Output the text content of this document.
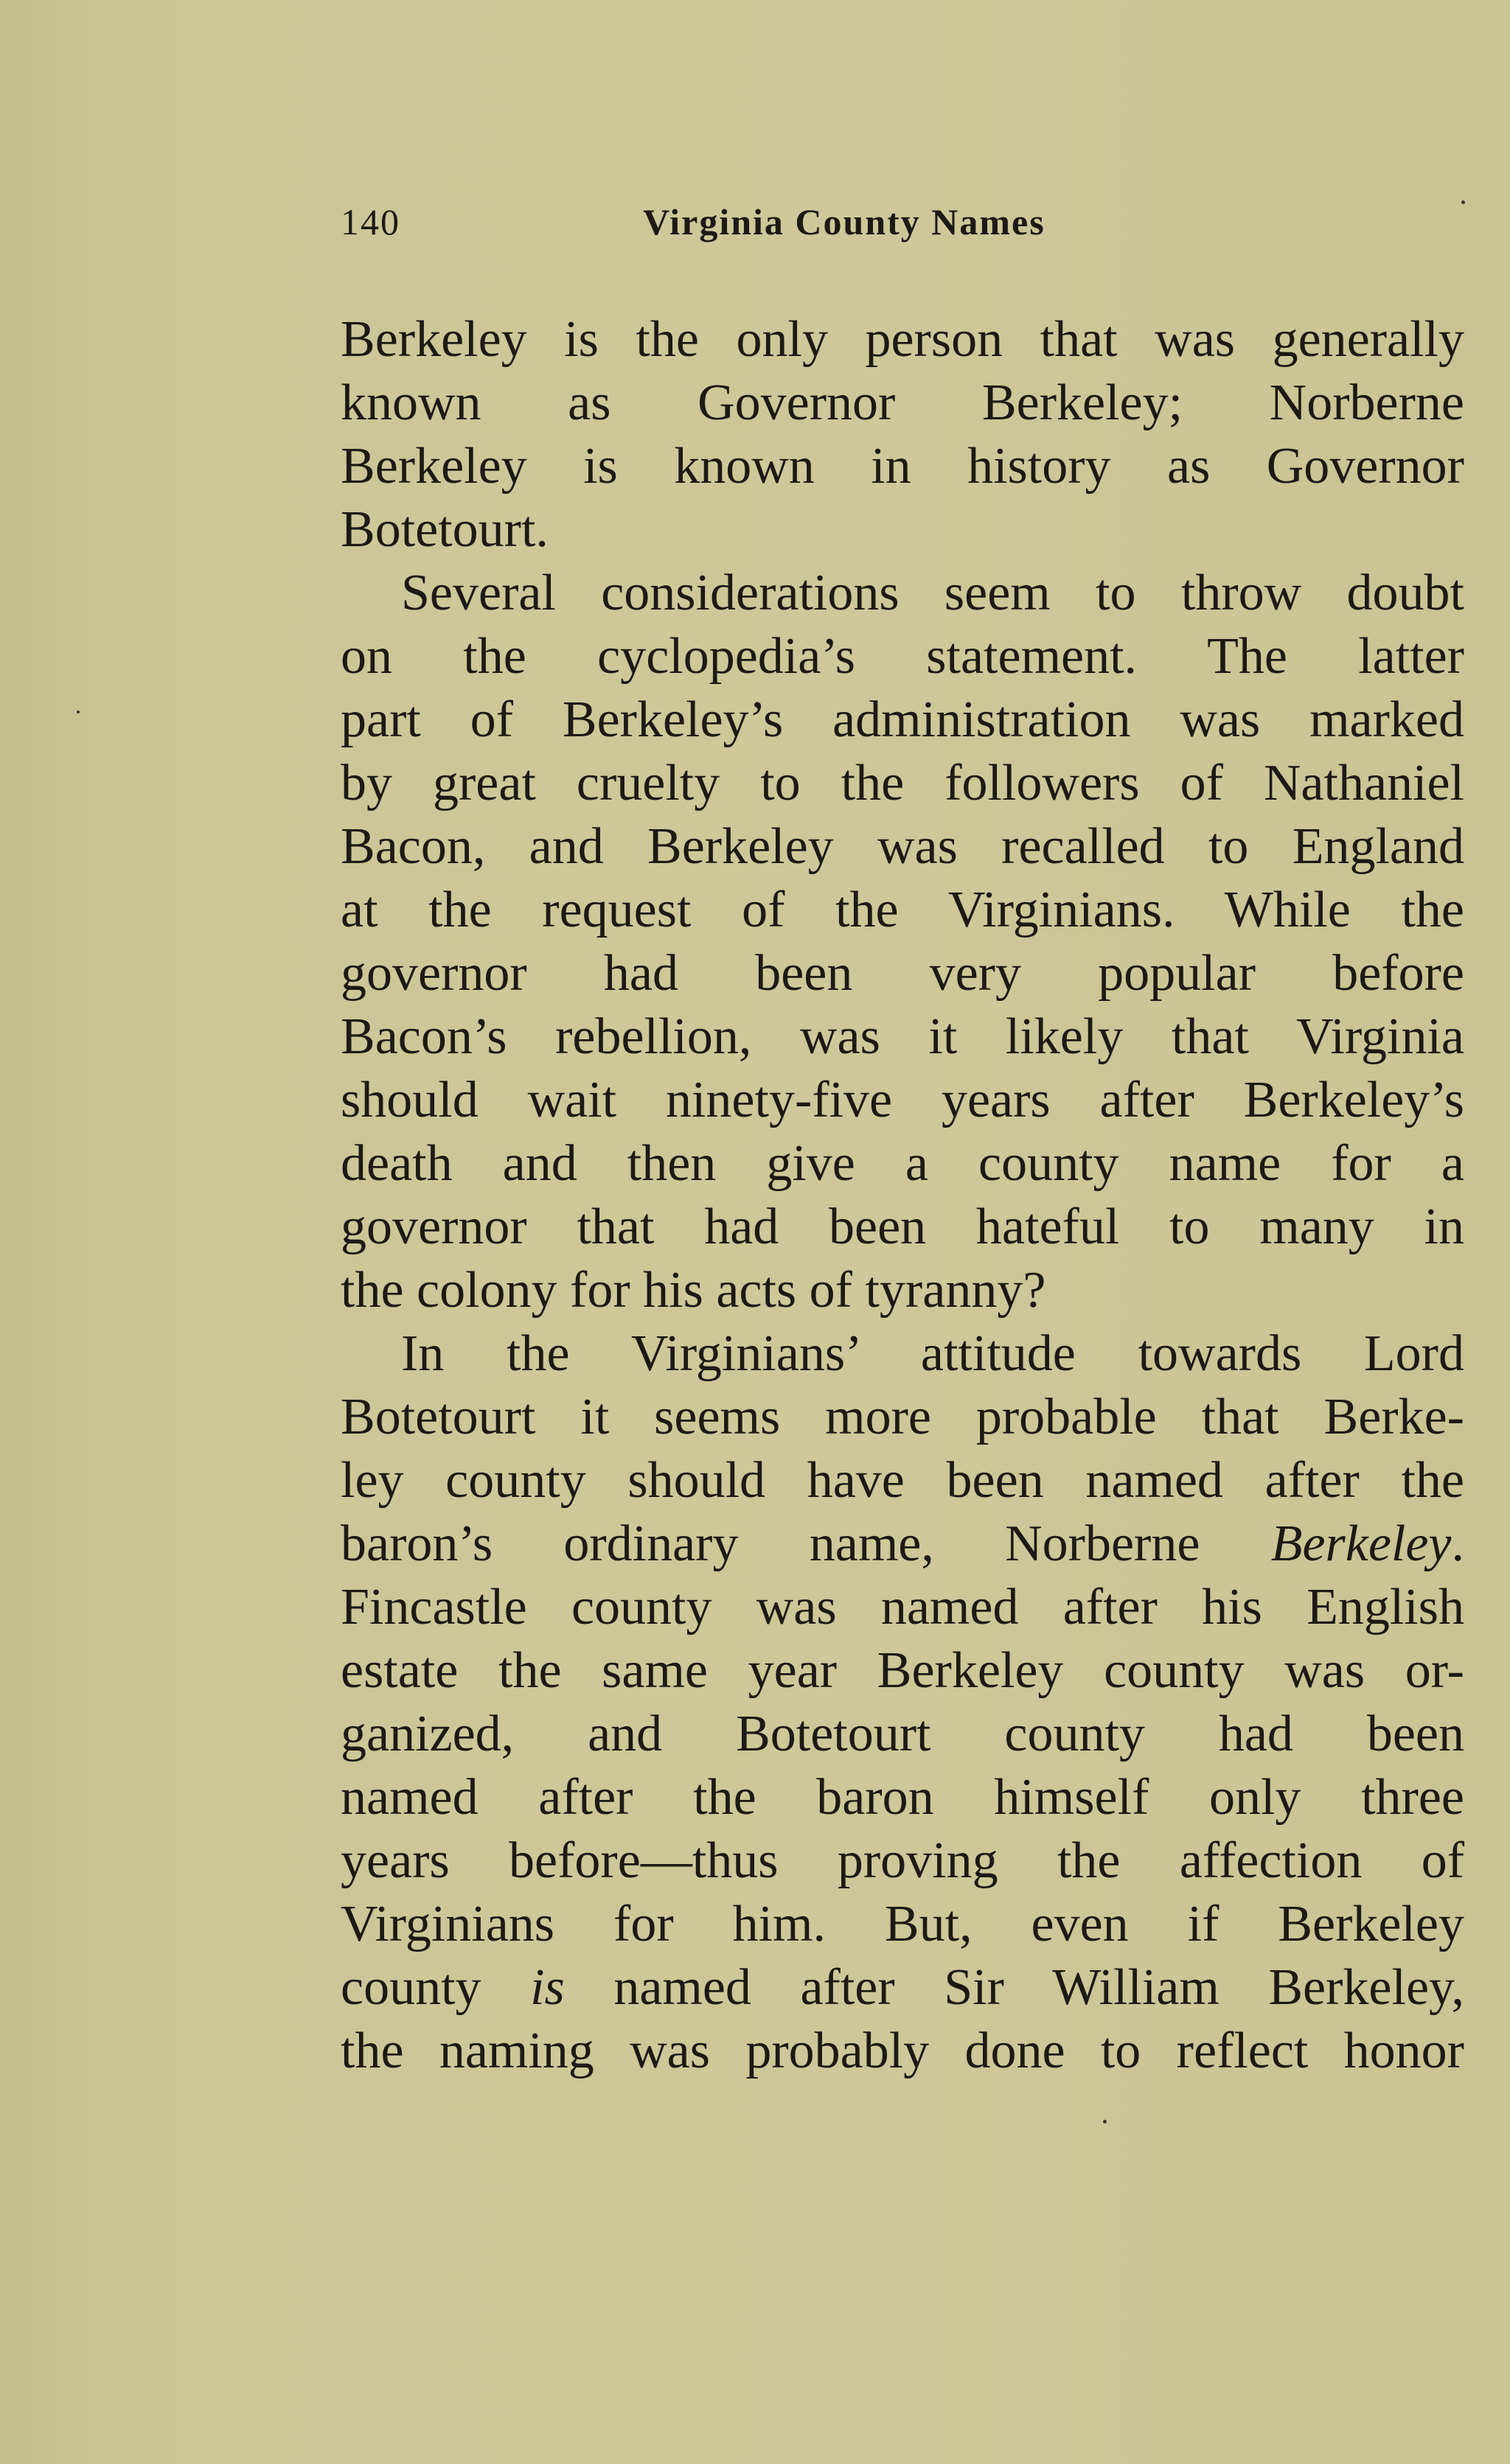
140	Virginia County Names
Berkeley is the only person that was generally
known as Governor Berkeley; Norberne
Berkeley is known in history as Governor
Botetourt.
Several considerations seem to throw doubt
on the cyclopedia’s statement. The latter
part of Berkeley’s administration was marked
by great cruelty to the followers of Nathaniel
Bacon, and Berkeley was recalled to England
at the request of the Virginians. While the
governor had been very popular before
Bacon’s rebellion, was it likely that Virginia
should wait ninety-five years after Berkeley’s
death and then give a county name for a
governor that had been hateful to many in
the colony for his acts of tyranny?
In the Virginians’ attitude towards Lord
Botetourt it seems more probable that Berke-
ley county should have been named after the
baron’s ordinary name, Norberne Berkeley.
Fincastle county was named after his English
estate the same year Berkeley county was or-
ganized, and Botetourt county had been
named after the baron himself only three
years before—thus proving the affection of
Virginians for him. But, even if Berkeley
county is named after Sir William Berkeley,
the naming was probably done to reflect honor
